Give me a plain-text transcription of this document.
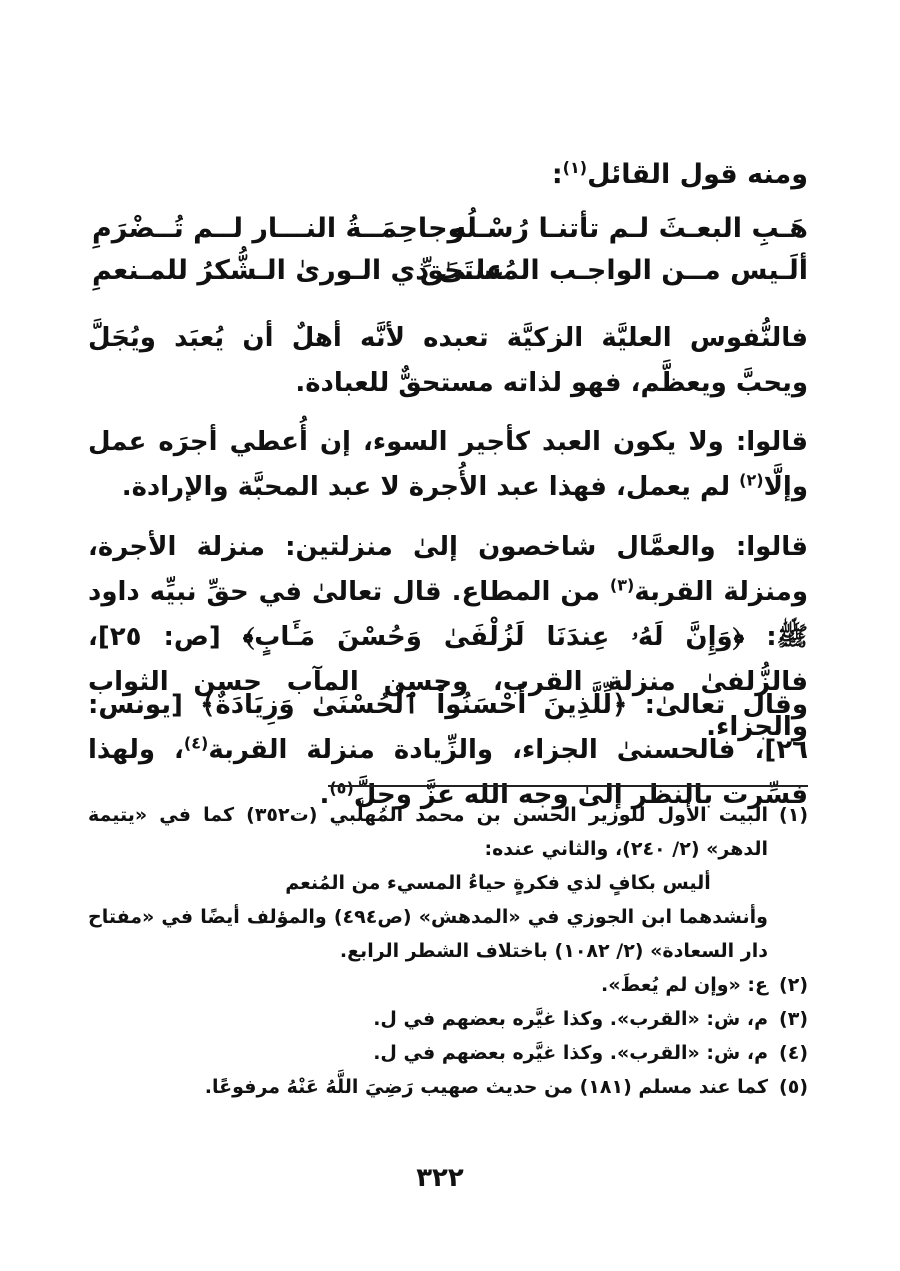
ومنه قول القائل$^{(١)}$:
هَـبِ البعـثَ لـم تأتنـا رُسْـلُه
وجاحِمَــةُ النـــار لــم تُــضْرَمِ
ألَـيس مــن الواجـب المُستَحَقِّ
علـىٰ ذي الـورىٰ الـشُّكرُ للمـنعمِ
فالنُّفوس العليَّة الزكيَّة تعبده لأنَّه أهلٌ أن يُعبَد ويُجَلَّ ويحبَّ ويعظَّم، فهو لذاته مستحقٌّ للعبادة.
قالوا: ولا يكون العبد كأجير السوء، إن أُعطي أجرَه عمل وإلَّا$^{(٢)}$ لم يعمل، فهذا عبد الأُجرة لا عبد المحبَّة والإرادة.
قالوا: والعمَّال شاخصون إلىٰ منزلتين: منزلة الأجرة، ومنزلة القربة$^{(٣)}$ من المطاع. قال تعالىٰ في حقِّ نبيِّه داود ﷺ: ﴿وَإِنَّ لَهُۥ عِندَنَا لَزُلْفَىٰ وَحُسْنَ مَـَٔابٍ﴾ [ص: ٢٥]، فالزُّلفىٰ منزلة القرب، وحسن المآب حسن الثواب والجزاء.
وقال تعالىٰ: ﴿لِّلَّذِينَ أَحْسَنُواْ ٱلْحُسْنَىٰ وَزِيَادَةٌ﴾ [يونس: ٢٦]، فالحسنىٰ الجزاء، والزِّيادة منزلة القربة$^{(٤)}$، ولهذا فسِّرت بالنظر إلىٰ وجه الله عزَّ وجلَّ$^{(٥)}$.
(١)
البيت الأول للوزير الحسن بن محمد المُهلَّبي (ت٣٥٢) كما في «يتيمة الدهر» (٢/ ٢٤٠)، والثاني عنده:
أليس بكافٍ لذي فكرةٍ حياءُ المسيء من المُنعم
وأنشدهما ابن الجوزي في «المدهش» (ص٤٩٤) والمؤلف أيضًا في «مفتاح دار السعادة» (٢/ ١٠٨٢) باختلاف الشطر الرابع.
(٢)
ع: «وإن لم يُعطَ».
(٣)
م، ش: «القرب». وكذا غيَّره بعضهم في ل.
(٤)
م، ش: «القرب». وكذا غيَّره بعضهم في ل.
(٥)
كما عند مسلم (١٨١) من حديث صهيب رَضِيَ اللَّهُ عَنْهُ مرفوعًا.
٣٢٢
